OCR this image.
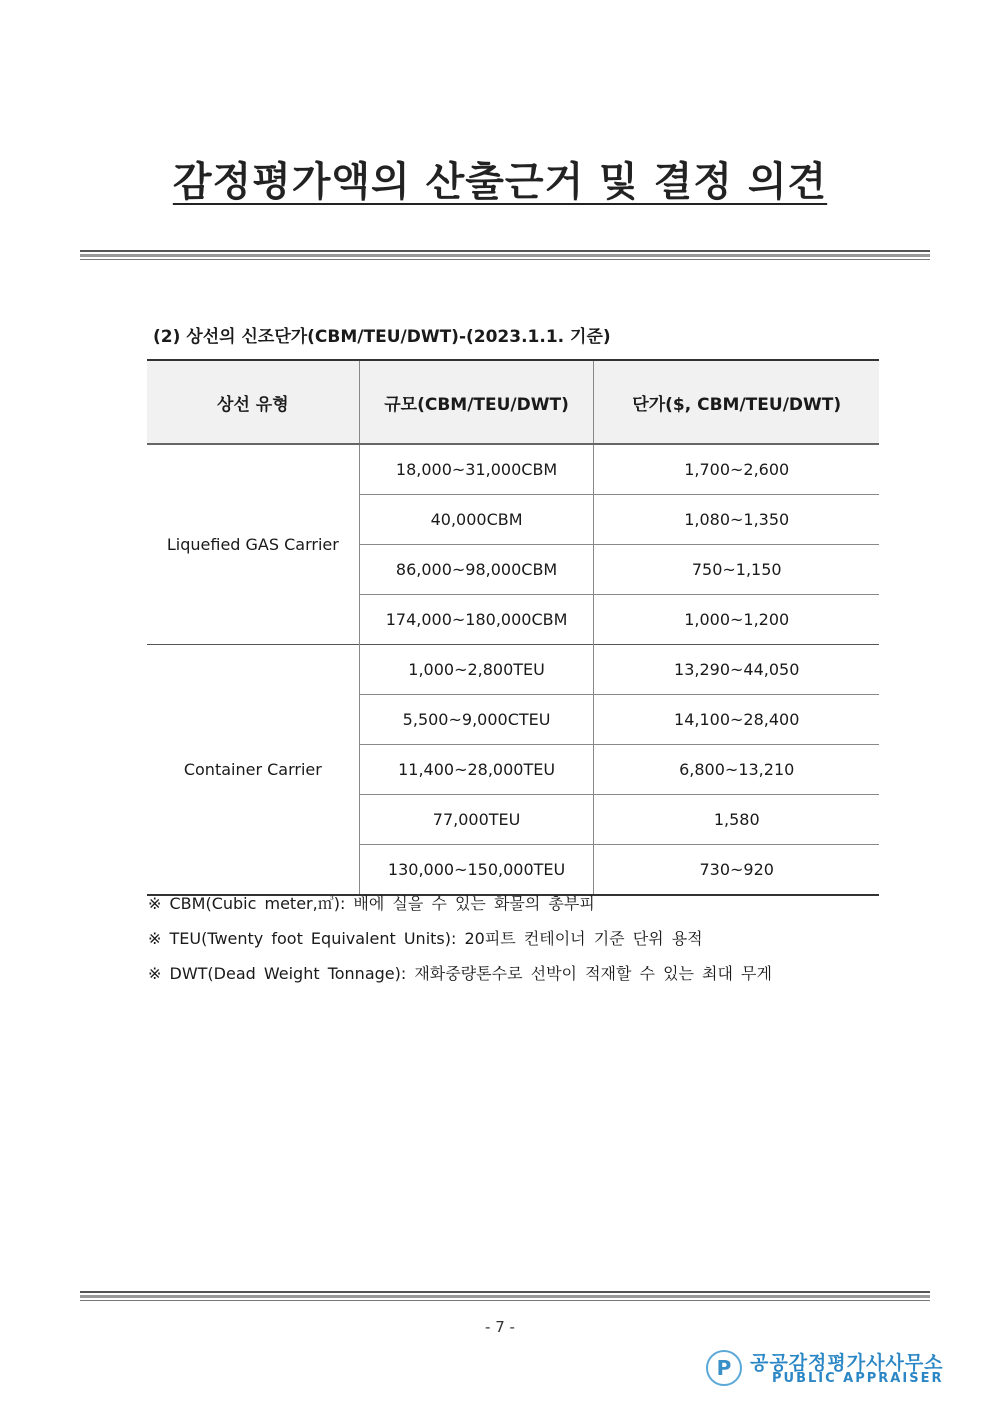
감정평가액의 산출근거 및 결정 의견
(2) 상선의 신조단가(CBM/TEU/DWT)-(2023.1.1. 기준)
상선 유형	규모(CBM/TEU/DWT)	단가($, CBM/TEU/DWT)
Liquefied GAS Carrier	18,000~31,000CBM	1,700~2,600
	40,000CBM	1,080~1,350
	86,000~98,000CBM	750~1,150
	174,000~180,000CBM	1,000~1,200
Container Carrier	1,000~2,800TEU	13,290~44,050
	5,500~9,000CTEU	14,100~28,400
	11,400~28,000TEU	6,800~13,210
	77,000TEU	1,580
	130,000~150,000TEU	730~920
※ CBM(Cubic meter,㎥): 배에 실을 수 있는 화물의 총부피
※ TEU(Twenty foot Equivalent Units): 20피트 컨테이너 기준 단위 용적
※ DWT(Dead Weight Tonnage): 재화중량톤수로 선박이 적재할 수 있는 최대 무게
- 7 -
P 공공감정평가사사무소
PUBLIC APPRAISER
